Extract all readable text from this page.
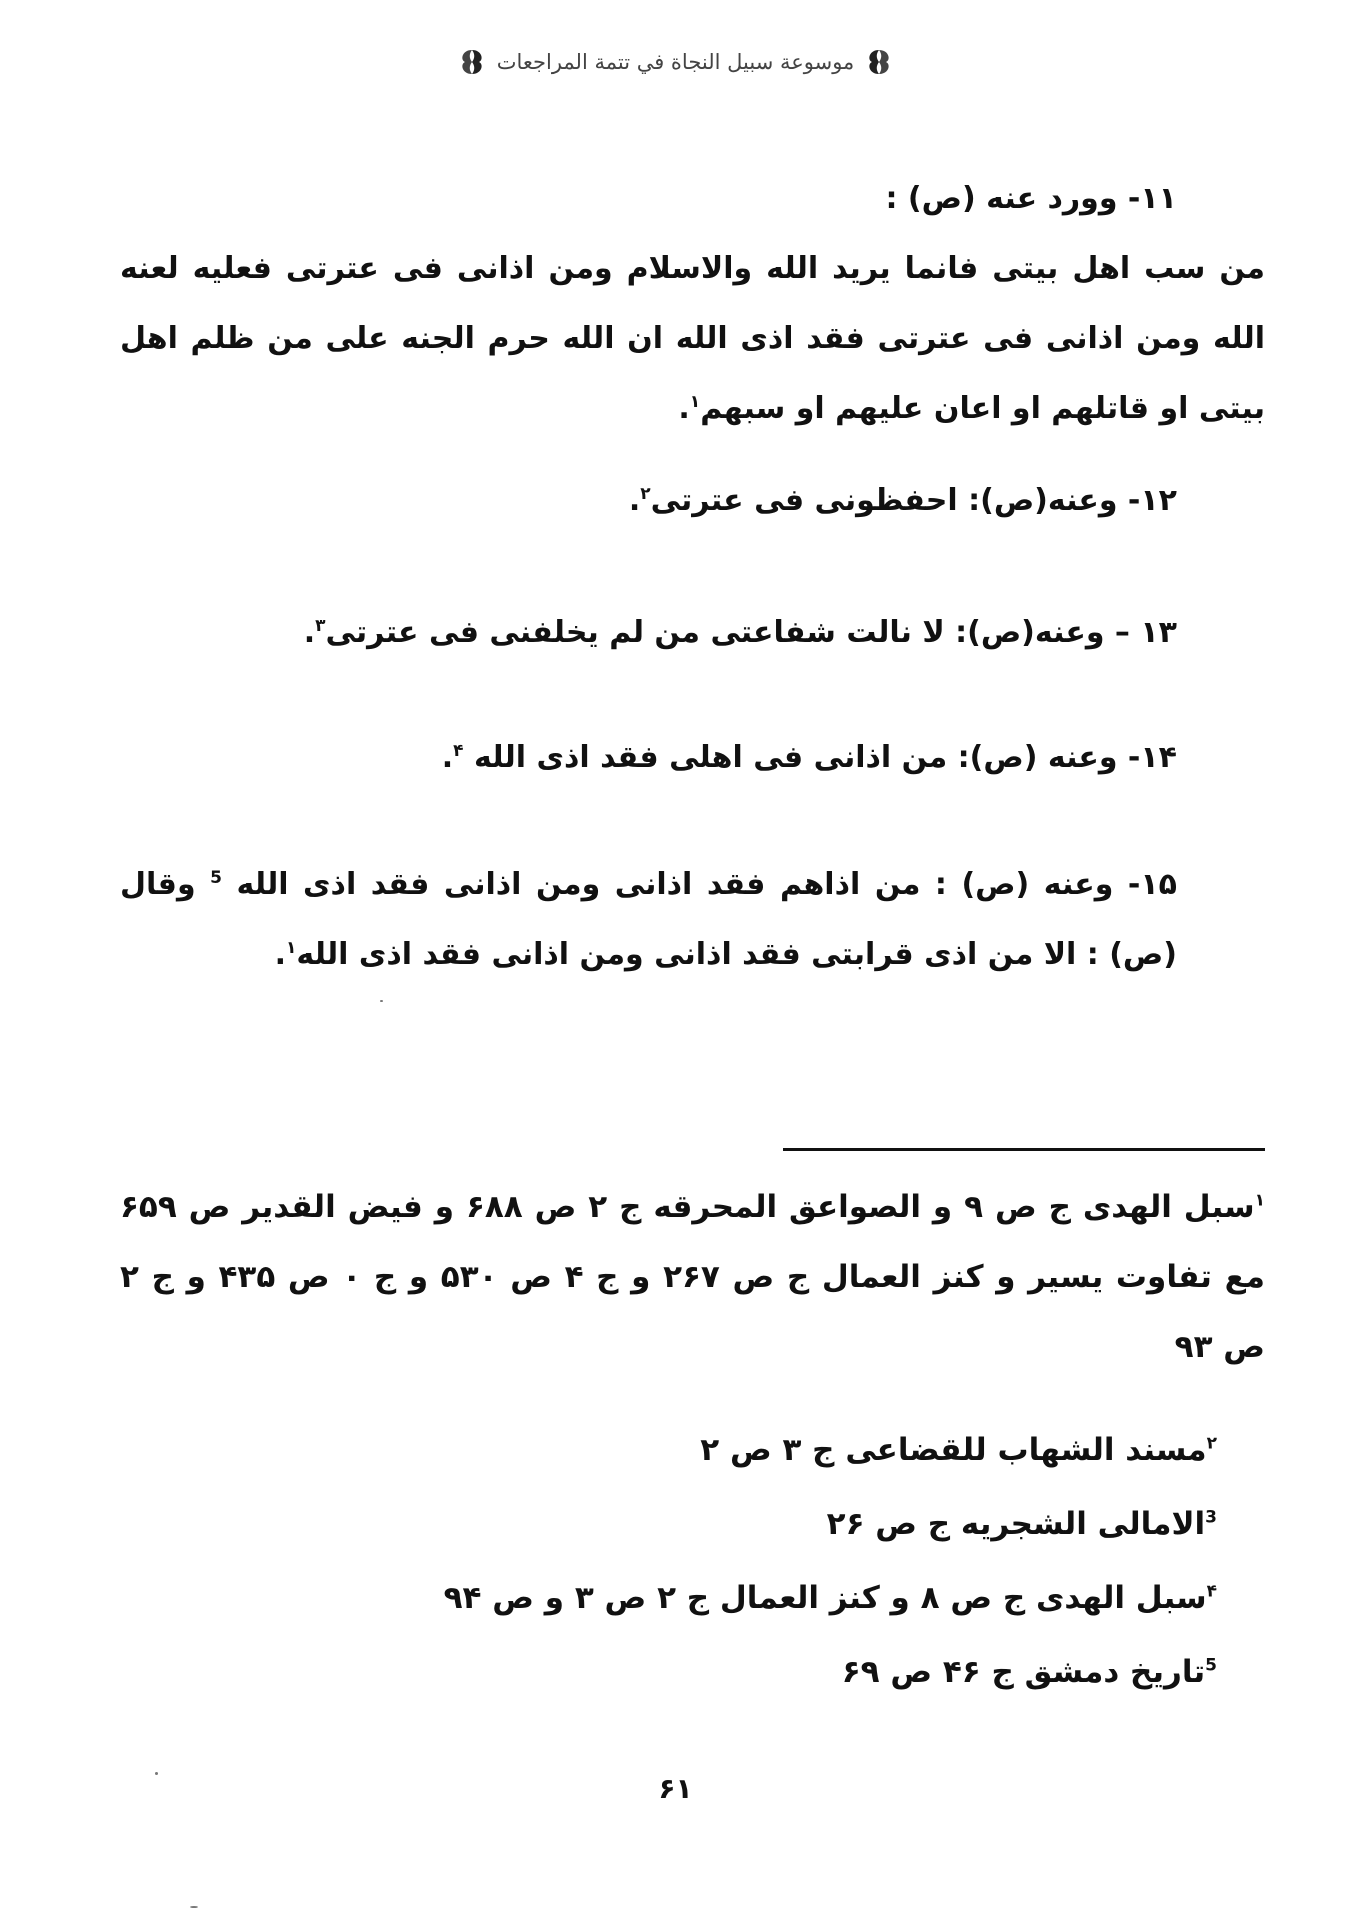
موسوعة سبيل النجاة في تتمة المراجعات

۱۱- وورد عنه (ص) :

من سب اهل بیتی فانما یرید الله والاسلام ومن اذانی فی عترتی فعلیه لعنه الله ومن اذانی فی عترتی فقد اذی الله ان الله حرم الجنه علی من ظلم اهل بیتی او قاتلهم او اعان علیهم او سبهم$^۱$.

۱۲- وعنه(ص): احفظونی فی عترتی$^۲$.

۱۳ – وعنه(ص): لا نالت شفاعتی من لم یخلفنی فی عترتی$^۳$.

۱۴- وعنه (ص): من اذانی فی اهلی فقد اذی الله $^۴$.

۱۵- وعنه (ص) : من اذاهم فقد اذانی ومن اذانی فقد اذی الله $^5$ وقال (ص) : الا من اذی قرابتی فقد اذانی ومن اذانی فقد اذی الله$^۱$.

$^۱$سبل الهدی ج ص ۹ و الصواعق المحرقه ج ۲ ص ۶۸۸ و فیض القدیر ص ۶۵۹ مع تفاوت یسیر و کنز العمال ج ص ۲۶۷ و ج ۴ ص ۵۳۰ و ج ۰ ص ۴۳۵ و ج ۲ ص ۹۳

$^۲$مسند الشهاب للقضاعی ج ۳ ص ۲

$^3$الامالی الشجریه ج ص ۲۶

$^۴$سبل الهدی ج ص ۸ و کنز العمال ج ۲ ص ۳ و ص ۹۴

$^5$تاریخ دمشق ج ۴۶ ص ۶۹

۶۱
